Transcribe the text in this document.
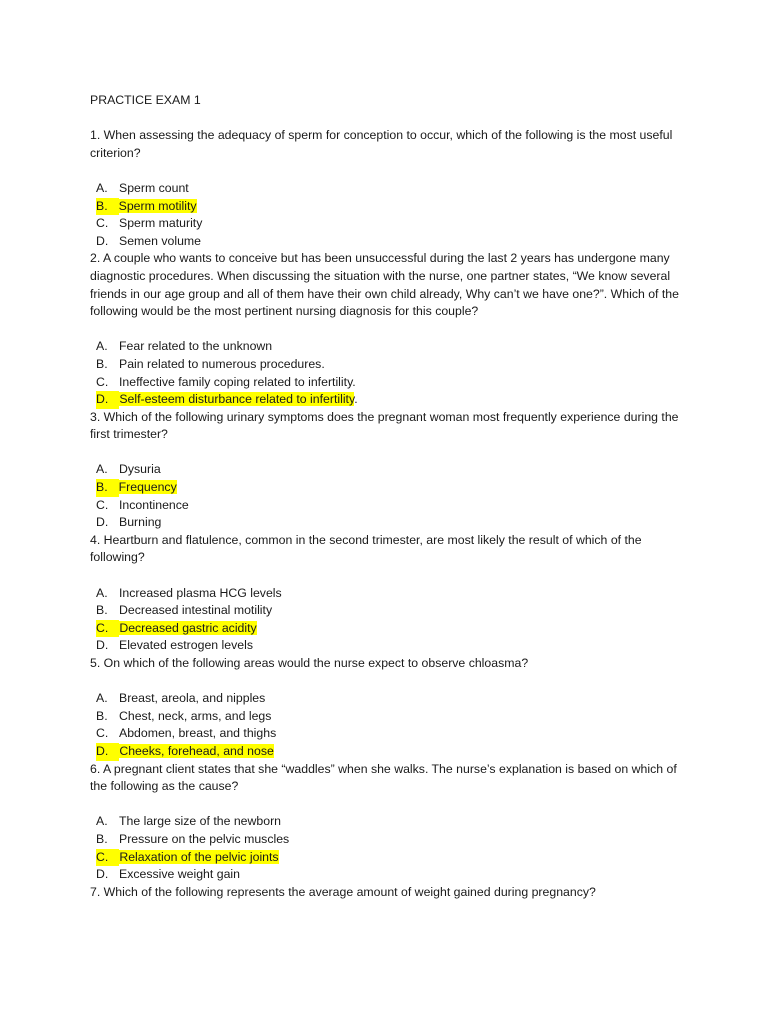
PRACTICE EXAM 1

1. When assessing the adequacy of sperm for conception to occur, which of the following is the most useful criterion?

A. Sperm count
B. Sperm motility
C. Sperm maturity
D. Semen volume

2. A couple who wants to conceive but has been unsuccessful during the last 2 years has undergone many diagnostic procedures. When discussing the situation with the nurse, one partner states, “We know several friends in our age group and all of them have their own child already, Why can’t we have one?”. Which of the following would be the most pertinent nursing diagnosis for this couple?

A. Fear related to the unknown
B. Pain related to numerous procedures.
C. Ineffective family coping related to infertility.
D. Self-esteem disturbance related to infertility.

3. Which of the following urinary symptoms does the pregnant woman most frequently experience during the first trimester?

A. Dysuria
B. Frequency
C. Incontinence
D. Burning

4. Heartburn and flatulence, common in the second trimester, are most likely the result of which of the following?

A. Increased plasma HCG levels
B. Decreased intestinal motility
C. Decreased gastric acidity
D. Elevated estrogen levels

5. On which of the following areas would the nurse expect to observe chloasma?

A. Breast, areola, and nipples
B. Chest, neck, arms, and legs
C. Abdomen, breast, and thighs
D. Cheeks, forehead, and nose

6. A pregnant client states that she “waddles” when she walks. The nurse’s explanation is based on which of the following as the cause?

A. The large size of the newborn
B. Pressure on the pelvic muscles
C. Relaxation of the pelvic joints
D. Excessive weight gain

7. Which of the following represents the average amount of weight gained during pregnancy?
